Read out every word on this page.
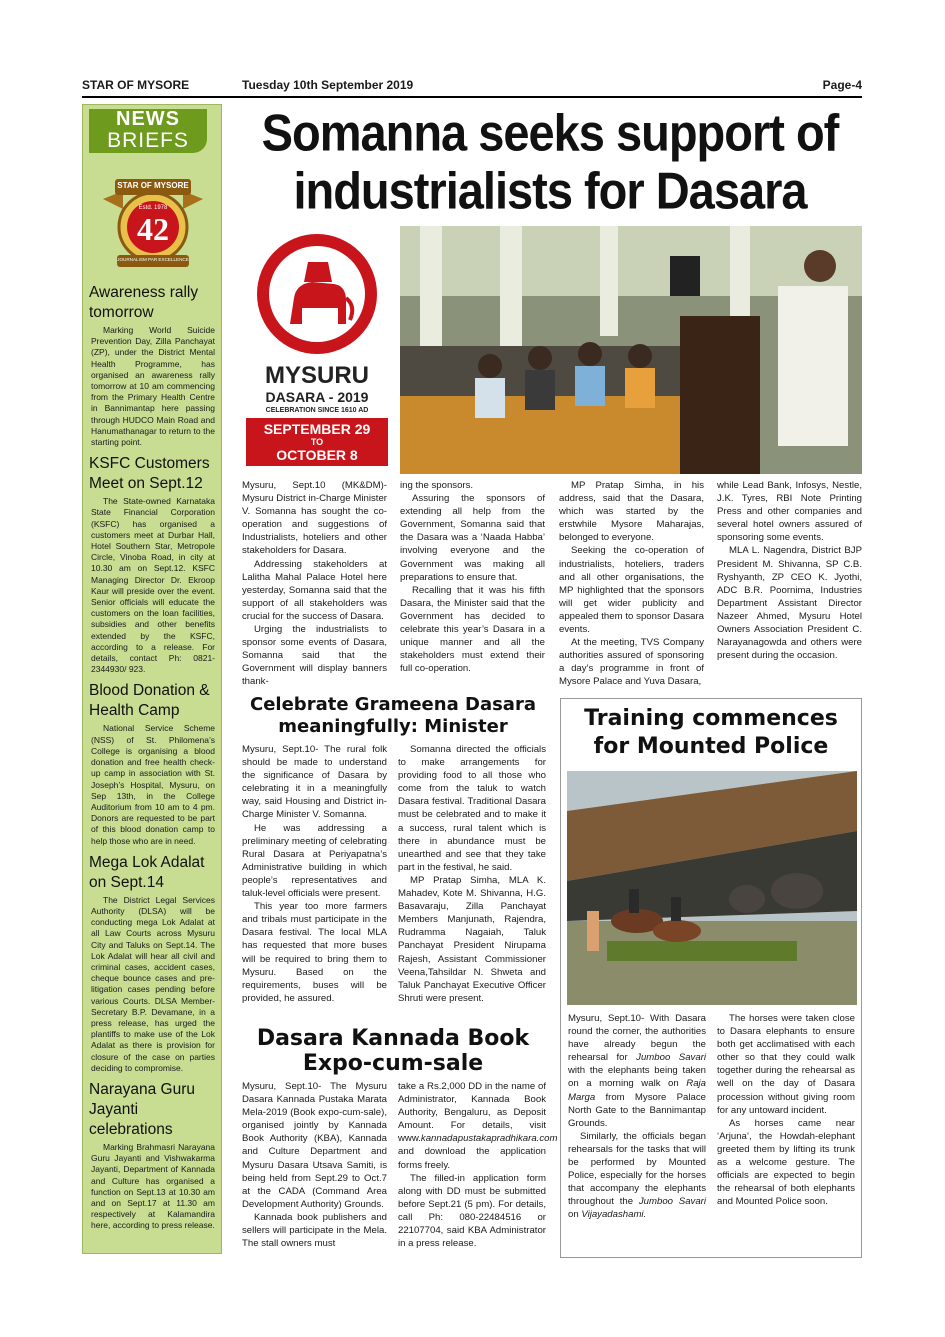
STAR OF MYSORE	Tuesday 10th September 2019	Page-4
NEWS
BRIEFS
STAR OF MYSORE
Estd. 1978
42
JOURNALISM PAR EXCELLENCE
Awareness rally tomorrow

Marking World Suicide Prevention Day, Zilla Panchayat (ZP), under the District Mental Health Programme, has organised an awareness rally tomorrow at 10 am commencing from the Primary Health Centre in Bannimantap here passing through HUDCO Main Road and Hanumathanagar to return to the starting point.

KSFC Customers Meet on Sept.12

The State-owned Karnataka State Financial Corporation (KSFC) has organised a customers meet at Durbar Hall, Hotel Southern Star, Metropole Circle, Vinoba Road, in city at 10.30 am on Sept.12. KSFC Managing Director Dr. Ekroop Kaur will preside over the event. Senior officials will educate the customers on the loan facilities, subsidies and other benefits extended by the KSFC, according to a release. For details, contact Ph: 0821-2344930/ 923.

Blood Donation & Health Camp

National Service Scheme (NSS) of St. Philomena’s College is organising a blood donation and free health check-up camp in association with St. Joseph’s Hospital, Mysuru, on Sep 13th, in the College Auditorium from 10 am to 4 pm. Donors are requested to be part of this blood donation camp to help those who are in need.

Mega Lok Adalat on Sept.14

The District Legal Services Authority (DLSA) will be conducting mega Lok Adalat at all Law Courts across Mysuru City and Taluks on Sept.14. The Lok Adalat will hear all civil and criminal cases, accident cases, cheque bounce cases and pre-litigation cases pending before various Courts. DLSA Member-Secretary B.P. Devamane, in a press release, has urged the plantiffs to make use of the Lok Adalat as there is provision for closure of the case on parties deciding to compromise.

Narayana Guru Jayanti celebrations

Marking Brahmasri Narayana Guru Jayanti and Vishwakarma Jayanti, Department of Kannada and Culture has organised a function on Sept.13 at 10.30 am and on Sept.17 at 11.30 am respectively at Kalamandira here, according to press release.

Somanna seeks support of
industrialists for Dasara
MYSURU
DASARA - 2019
CELEBRATION SINCE 1610 AD
SEPTEMBER 29
TO
OCTOBER 8

Mysuru, Sept.10 (MK&DM)- Mysuru District in-Charge Minister V. Somanna has sought the co-operation and suggestions of Industrialists, hoteliers and other stakeholders for Dasara.

Addressing stakeholders at Lalitha Mahal Palace Hotel here yesterday, Somanna said that the support of all stakeholders was crucial for the success of Dasara.

Urging the industrialists to sponsor some events of Dasara, Somanna said that the Government will display banners thank-

ing the sponsors.

Assuring the sponsors of extending all help from the Government, Somanna said that the Dasara was a ‘Naada Habba’ involving everyone and the Government was making all preparations to ensure that.

Recalling that it was his fifth Dasara, the Minister said that the Government has decided to celebrate this year’s Dasara in a unique manner and all the stakeholders must extend their full co-operation.

MP Pratap Simha, in his address, said that the Dasara, which was started by the erstwhile Mysore Maharajas, belonged to everyone.

Seeking the co-operation of industrialists, hoteliers, traders and all other organisations, the MP highlighted that the sponsors will get wider publicity and appealed them to sponsor Dasara events.

At the meeting, TVS Company authorities assured of sponsoring a day’s programme in front of Mysore Palace and Yuva Dasara,

while Lead Bank, Infosys, Nestle, J.K. Tyres, RBI Note Printing Press and other companies and several hotel owners assured of sponsoring some events.

MLA L. Nagendra, District BJP President M. Shivanna, SP C.B. Ryshyanth, ZP CEO K. Jyothi, ADC B.R. Poornima, Industries Department Assistant Director Nazeer Ahmed, Mysuru Hotel Owners Association President C. Narayanagowda and others were present during the occasion.

Celebrate Grameena Dasara
meaningfully: Minister

Mysuru, Sept.10- The rural folk should be made to understand the significance of Dasara by celebrating it in a meaningfully way, said Housing and District in-Charge Minister V. Somanna.

He was addressing a preliminary meeting of celebrating Rural Dasara at Periyapatna’s Administrative building in which people’s representatives and taluk-level officials were present.

This year too more farmers and tribals must participate in the Dasara festival. The local MLA has requested that more buses will be required to bring them to Mysuru. Based on the requirements, buses will be provided, he assured.

Somanna directed the officials to make arrangements for providing food to all those who come from the taluk to watch Dasara festival. Traditional Dasara must be celebrated and to make it a success, rural talent which is there in abundance must be unearthed and see that they take part in the festival, he said.

MP Pratap Simha, MLA K. Mahadev, Kote M. Shivanna, H.G. Basavaraju, Zilla Panchayat Members Manjunath, Rajendra, Rudramma Nagaiah, Taluk Panchayat President Nirupama Rajesh, Assistant Commissioner Veena,Tahsildar N. Shweta and Taluk Panchayat Executive Officer Shruti were present.

Dasara Kannada Book
Expo-cum-sale

Mysuru, Sept.10- The Mysuru Dasara Kannada Pustaka Marata Mela-2019 (Book expo-cum-sale), organised jointly by Kannada Book Authority (KBA), Kannada and Culture Department and Mysuru Dasara Utsava Samiti, is being held from Sept.29 to Oct.7 at the CADA (Command Area Development Authority) Grounds.

Kannada book publishers and sellers will participate in the Mela. The stall owners must

take a Rs.2,000 DD in the name of Administrator, Kannada Book Authority, Bengaluru, as Deposit Amount. For details, visit www.kannadapustakapradhikara.com and download the application forms freely.

The filled-in application form along with DD must be submitted before Sept.21 (5 pm). For details, call Ph: 080-22484516 or 22107704, said KBA Administrator in a press release.

Training commences
for Mounted Police

Mysuru, Sept.10- With Dasara round the corner, the authorities have already begun the rehearsal for Jumboo Savari with the elephants being taken on a morning walk on Raja Marga from Mysore Palace North Gate to the Bannimantap Grounds.

Similarly, the officials began rehearsals for the tasks that will be performed by Mounted Police, especially for the horses that accompany the elephants throughout the Jumboo Savari on Vijayadashami.

The horses were taken close to Dasara elephants to ensure both get acclimatised with each other so that they could walk together during the rehearsal as well on the day of Dasara procession without giving room for any untoward incident.

As horses came near ‘Arjuna’, the Howdah-elephant greeted them by lifting its trunk as a welcome gesture. The officials are expected to begin the rehearsal of both elephants and Mounted Police soon.
